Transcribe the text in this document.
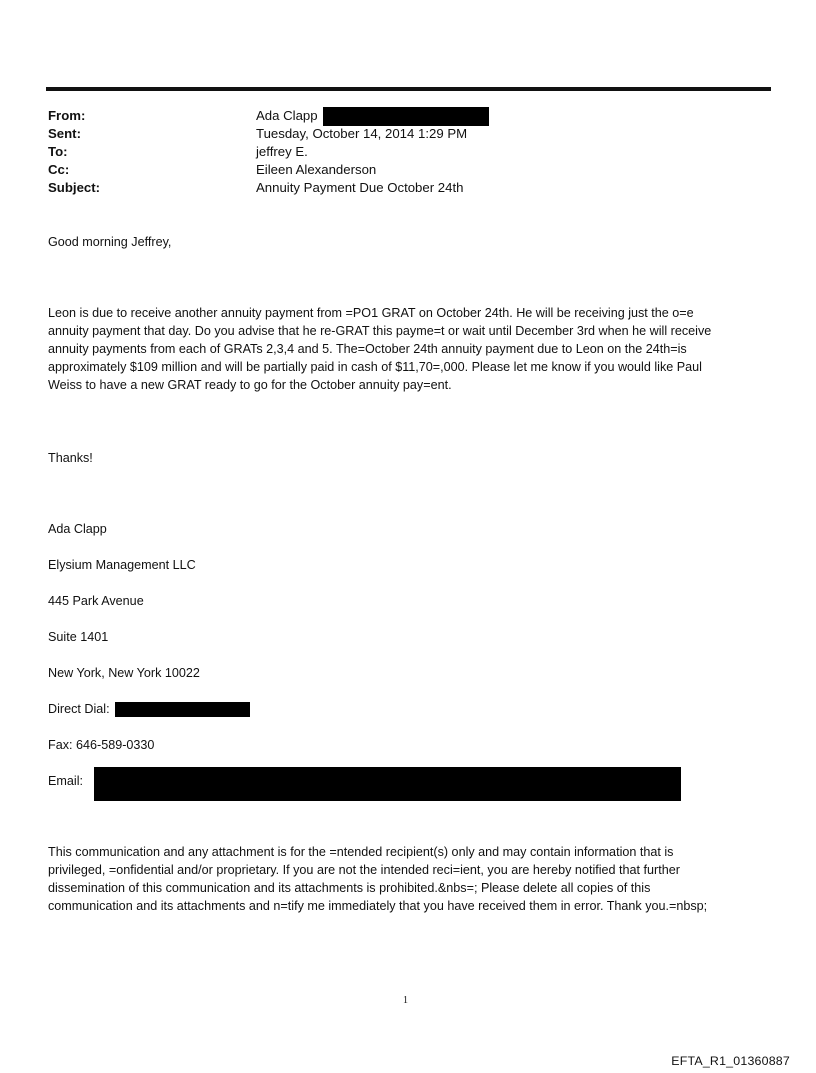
From:	Ada Clapp
Sent:	Tuesday, October 14, 2014 1:29 PM
To:	jeffrey E.
Cc:	Eileen Alexanderson
Subject:	Annuity Payment Due October 24th

Good morning Jeffrey,

Leon is due to receive another annuity payment from =PO1 GRAT on October 24th. He will be receiving just the o=e

annuity payment that day. Do you advise that he re-GRAT this payme=t or wait until December 3rd when he will receive

annuity payments from each of GRATs 2,3,4 and 5. The=October 24th annuity payment due to Leon on the 24th=is

approximately $109 million and will be partially paid in cash of $11,70=,000. Please let me know if you would like Paul

Weiss to have a new GRAT ready to go for the October annuity pay=ent.

Thanks!

Ada Clapp
Elysium Management LLC
445 Park Avenue
Suite 1401
New York, New York 10022
Direct Dial:
Fax: 646-589-0330
Email:

This communication and any attachment is for the =ntended recipient(s) only and may contain information that is

privileged, =onfidential and/or proprietary. If you are not the intended reci=ient, you are hereby notified that further

dissemination of this communication and its attachments is prohibited.&nbs=; Please delete all copies of this

communication and its attachments and n=tify me immediately that you have received them in error. Thank you.=nbsp;

1
EFTA_R1_01360887
